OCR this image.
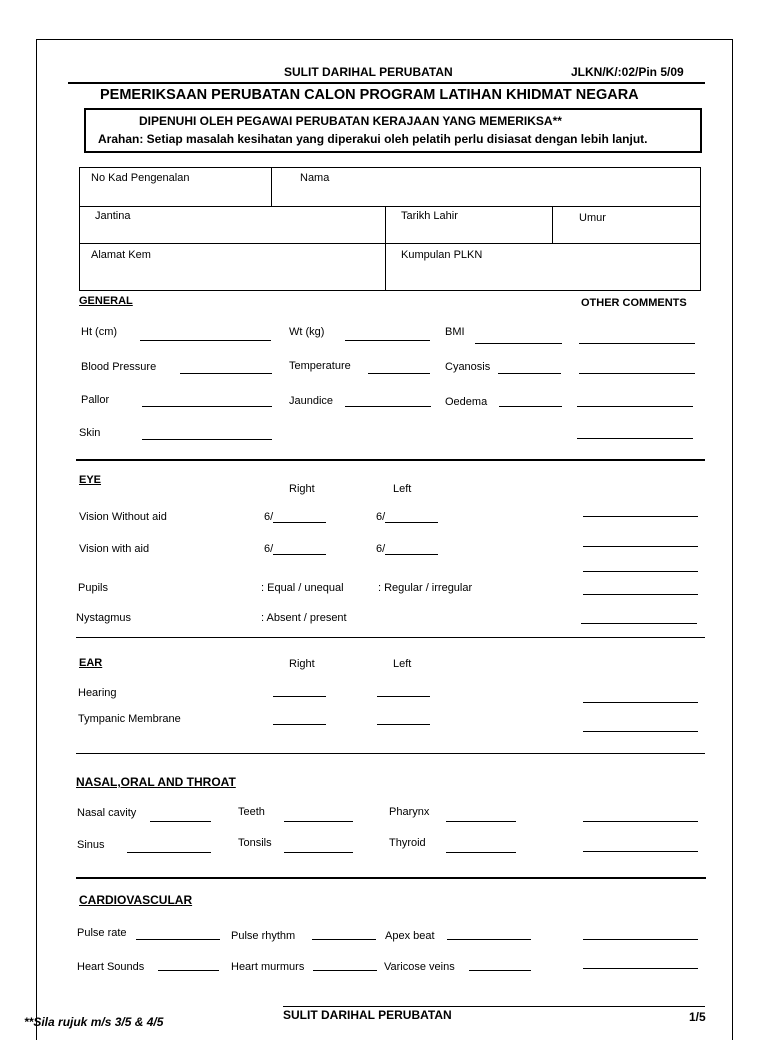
SULIT DARIHAL PERUBATAN	JLKN/K/:02/Pin 5/09
PEMERIKSAAN PERUBATAN CALON PROGRAM LATIHAN KHIDMAT NEGARA
DIPENUHI OLEH PEGAWAI PERUBATAN KERAJAAN YANG MEMERIKSA**
Arahan: Setiap masalah kesihatan yang diperakui oleh pelatih perlu disiasat dengan lebih lanjut.
No Kad Pengenalan	Nama
Jantina	Tarikh Lahir	Umur
Alamat Kem	Kumpulan PLKN
GENERAL	OTHER COMMENTS
Ht (cm)	Wt (kg)	BMI
Blood Pressure	Temperature	Cyanosis
Pallor	Jaundice	Oedema
Skin
EYE
Right	Left
Vision Without aid	6/	6/
Vision with aid	6/	6/
Pupils	: Equal / unequal	: Regular / irregular
Nystagmus	: Absent / present
EAR	Right	Left
Hearing
Tympanic Membrane
NASAL,ORAL AND THROAT
Nasal cavity	Teeth	Pharynx
Sinus	Tonsils	Thyroid
CARDIOVASCULAR
Pulse rate	Pulse rhythm	Apex beat
Heart Sounds	Heart murmurs	Varicose veins
**Sila rujuk m/s 3/5 & 4/5	SULIT DARIHAL PERUBATAN	1/5
